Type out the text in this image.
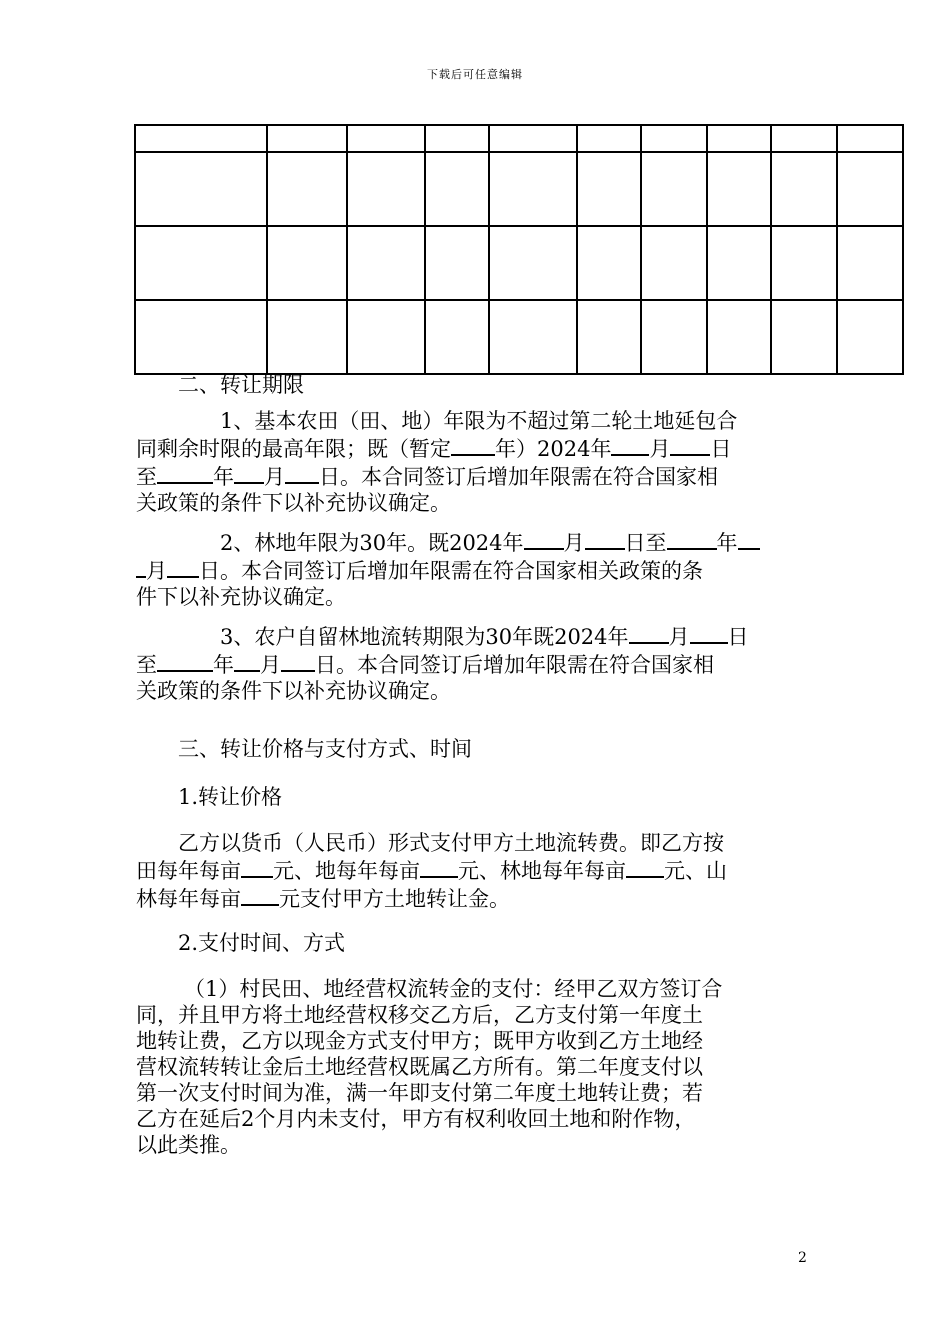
下载后可任意编辑

二、转让期限

1、基本农田（田、地）年限为不超过第二轮土地延包合

同剩余时限的最高年限；既（暂定 年）2024年 月 日

至	年 月 日。本合同签订后增加年限需在符合国家相

关政策的条件下以补充协议确定。

2、林地年限为30年。既2024年 月 日至 年

月 日。本合同签订后增加年限需在符合国家相关政策的条

件下以补充协议确定。

3、农户自留林地流转期限为30年既2024年 月 日

至	年 月 日。本合同签订后增加年限需在符合国家相

关政策的条件下以补充协议确定。

三、转让价格与支付方式、时间

1.转让价格

乙方以货币（人民币）形式支付甲方土地流转费。即乙方按

田每年每亩 元、地每年每亩 元、林地每年每亩 元、山

林每年每亩 元支付甲方土地转让金。

2.支付时间、方式

（1）村民田、地经营权流转金的支付：经甲乙双方签订合

同，并且甲方将土地经营权移交乙方后，乙方支付第一年度土

地转让费，乙方以现金方式支付甲方；既甲方收到乙方土地经

营权流转转让金后土地经营权既属乙方所有。第二年度支付以

第一次支付时间为准，满一年即支付第二年度土地转让费；若

乙方在延后2个月内未支付，甲方有权利收回土地和附作物，

以此类推。

2
